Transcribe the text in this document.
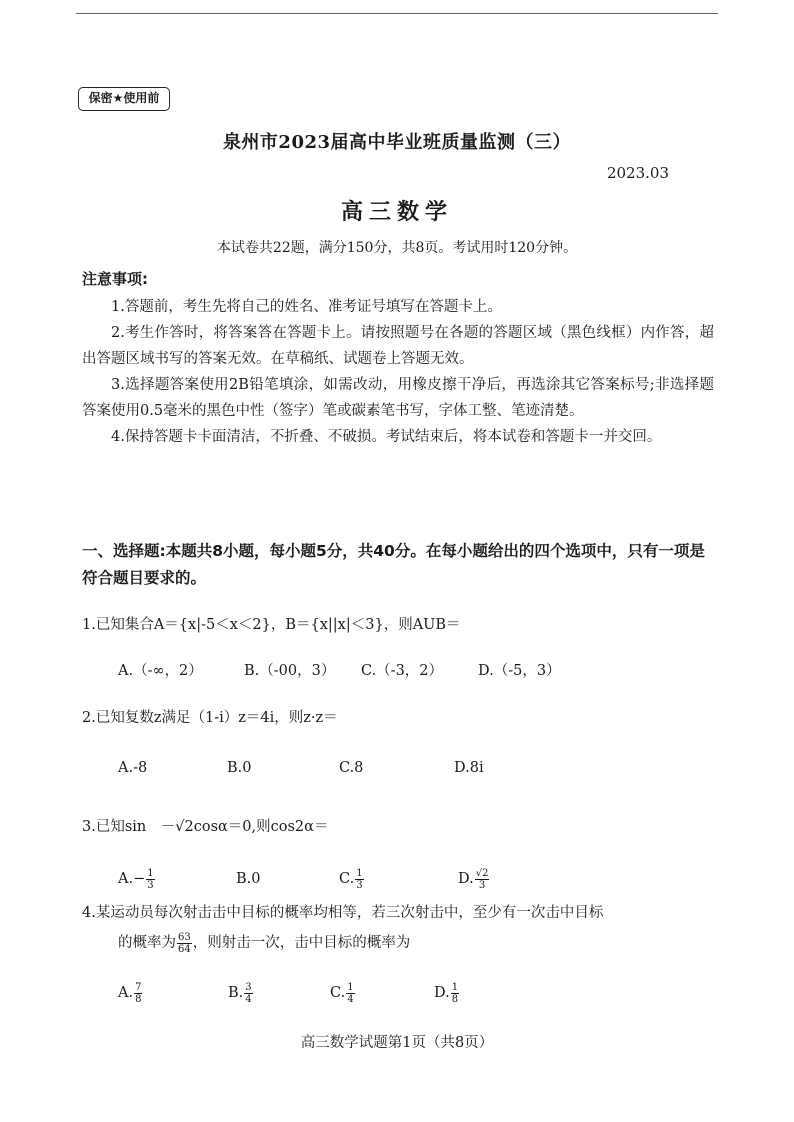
保密★使用前
泉州市2023届高中毕业班质量监测（三）
2023.03
高三数学
本试卷共22题，满分150分，共8页。考试用时120分钟。
注意事项:

1.答题前，考生先将自己的姓名、准考证号填写在答题卡上。

2.考生作答时，将答案答在答题卡上。请按照题号在各题的答题区域（黑色线框）内作答，超出答题区域书写的答案无效。在草稿纸、试题卷上答题无效。

3.选择题答案使用2B铅笔填涂，如需改动，用橡皮擦干净后，再选涂其它答案标号;非选择题答案使用0.5毫米的黑色中性（签字）笔或碳素笔书写，字体工整、笔迹清楚。

4.保持答题卡卡面清洁，不折叠、不破损。考试结束后，将本试卷和答题卡一并交回。

一、选择题:本题共8小题，每小题5分，共40分。在每小题给出的四个选项中，只有一项是符合题目要求的。
1.已知集合A＝{x|-5＜x＜2}，B＝{x||x|＜3}，则AUB＝
A.（-∞，2）	B.（-00，3） C.（-3，2） D.（-5，3）
2.已知复数z满足（1-i）z＝4i，则z·z＝
A.-8	B.0	C.8	D.8i
3.已知sin　－√2cosα＝0,则cos2α＝
$A.- \frac{1}{3}$	B.0	C. $\frac{1}{3}$	D. $\frac{√2}{3}$
4.某运动员每次射击击中目标的概率均相等，若三次射击中，至少有一次击中目标
的概率为 $\frac{63}{64}$ ，则射击一次，击中目标的概率为
A. $\frac{7}{8}$	B. $\frac{3}{4}$	C. $\frac{1}{4}$	D. $\frac{1}{8}$
高三数学试题第1页（共8页）
